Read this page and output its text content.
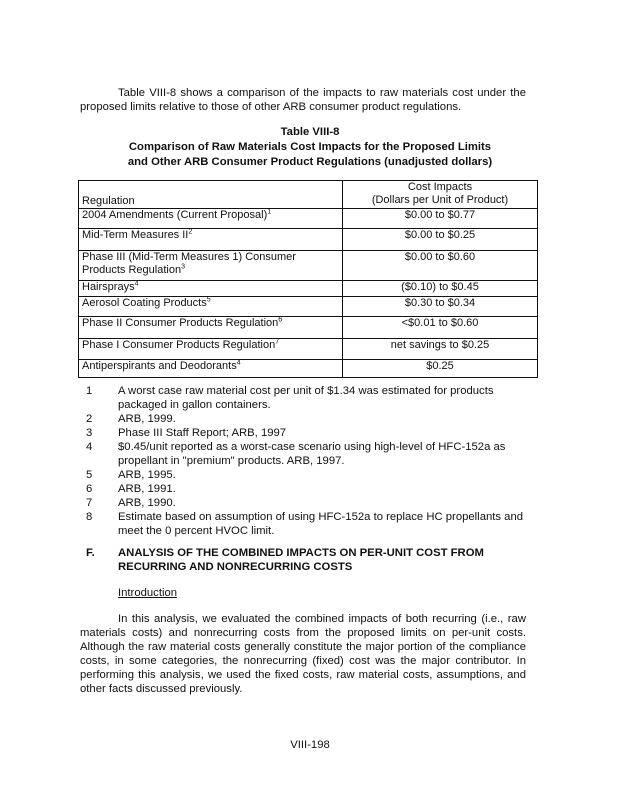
Table VIII-8 shows a comparison of the impacts to raw materials cost under the proposed limits relative to those of other ARB consumer product regulations.
Table VIII-8
Comparison of Raw Materials Cost Impacts for the Proposed Limits
and Other ARB Consumer Product Regulations (unadjusted dollars)
Regulation	Cost Impacts
(Dollars per Unit of Product)
2004 Amendments (Current Proposal)$^1$	$0.00 to $0.77
Mid-Term Measures $II^2$	$0.00 to $0.25
Phase III (Mid-Term Measures 1) Consumer Products Regulation$^3$	$0.00 to $0.60
Hairsprays$^4$	($0.10) to $0.45
Aerosol Coating Products$^5$	$0.30 to $0.34
Phase II Consumer Products Regulation$^6$	<$0.01 to $0.60
Phase I Consumer Products Regulation$^7$	net savings to $0.25
Antiperspirants and Deodorants$^4$	$0.25
1	A worst case raw material cost per unit of $1.34 was estimated for products packaged in gallon containers.
2	ARB, 1999.
3	Phase III Staff Report; ARB, 1997
4	$0.45/unit reported as a worst-case scenario using high-level of HFC-152a as propellant in "premium" products. ARB, 1997.
5	ARB, 1995.
6	ARB, 1991.
7	ARB, 1990.
8	Estimate based on assumption of using HFC-152a to replace HC propellants and meet the 0 percent HVOC limit.
F. ANALYSIS OF THE COMBINED IMPACTS ON PER-UNIT COST FROM RECURRING AND NONRECURRING COSTS
Introduction
In this analysis, we evaluated the combined impacts of both recurring (i.e., raw materials costs) and nonrecurring costs from the proposed limits on per-unit costs. Although the raw material costs generally constitute the major portion of the compliance costs, in some categories, the nonrecurring (fixed) cost was the major contributor. In performing this analysis, we used the fixed costs, raw material costs, assumptions, and other facts discussed previously.
VIII-198
